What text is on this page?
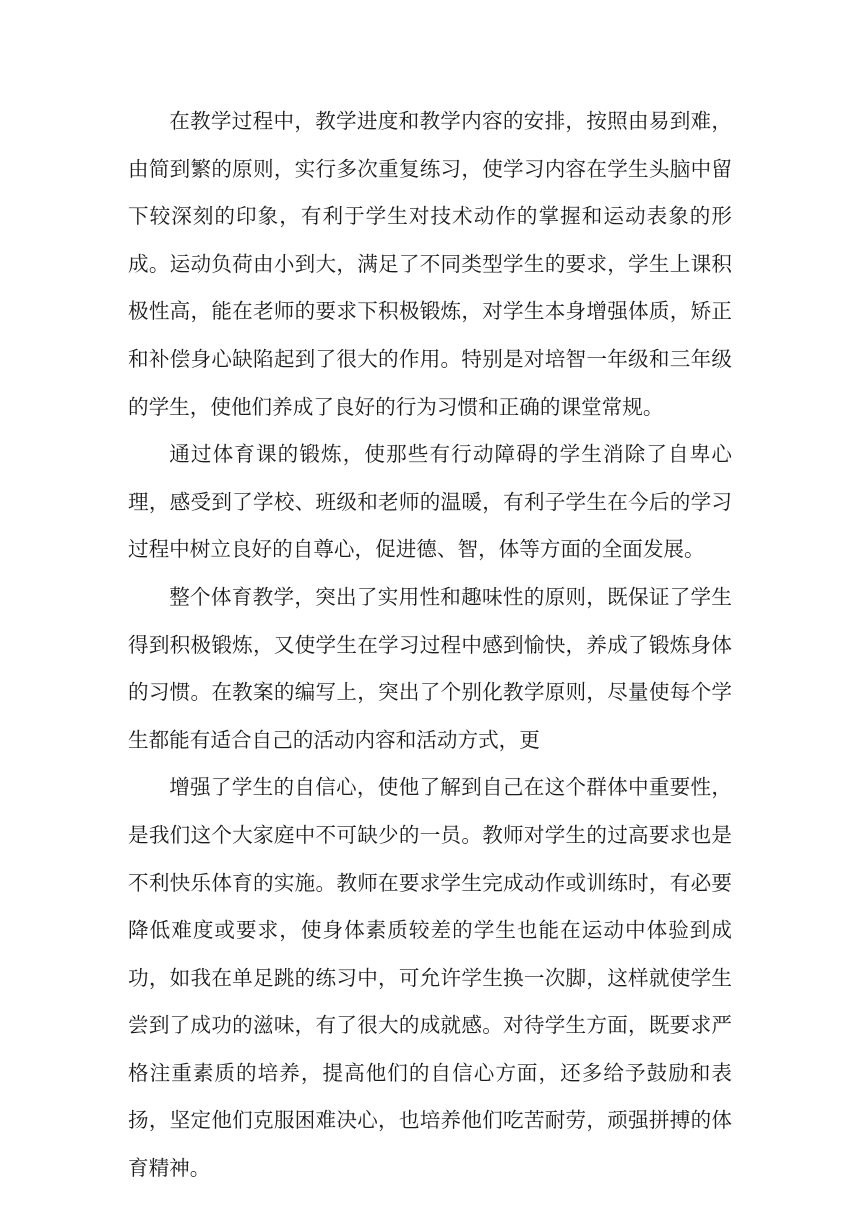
在教学过程中，教学进度和教学内容的安排，按照由易到难，由简到繁的原则，实行多次重复练习，使学习内容在学生头脑中留下较深刻的印象，有利于学生对技术动作的掌握和运动表象的形成。运动负荷由小到大，满足了不同类型学生的要求，学生上课积极性高，能在老师的要求下积极锻炼，对学生本身增强体质，矫正和补偿身心缺陷起到了很大的作用。特别是对培智一年级和三年级的学生，使他们养成了良好的行为习惯和正确的课堂常规。

通过体育课的锻炼，使那些有行动障碍的学生消除了自卑心理，感受到了学校、班级和老师的温暖，有利子学生在今后的学习过程中树立良好的自尊心，促进德、智，体等方面的全面发展。

整个体育教学，突出了实用性和趣味性的原则，既保证了学生得到积极锻炼，又使学生在学习过程中感到愉快，养成了锻炼身体的习惯。在教案的编写上，突出了个别化教学原则，尽量使每个学生都能有适合自己的活动内容和活动方式，更

增强了学生的自信心，使他了解到自己在这个群体中重要性，是我们这个大家庭中不可缺少的一员。教师对学生的过高要求也是不利快乐体育的实施。教师在要求学生完成动作或训练时，有必要降低难度或要求，使身体素质较差的学生也能在运动中体验到成功，如我在单足跳的练习中，可允许学生换一次脚，这样就使学生尝到了成功的滋味，有了很大的成就感。对待学生方面，既要求严格注重素质的培养，提高他们的自信心方面，还多给予鼓励和表扬，坚定他们克服困难决心，也培养他们吃苦耐劳，顽强拼搏的体育精神。
